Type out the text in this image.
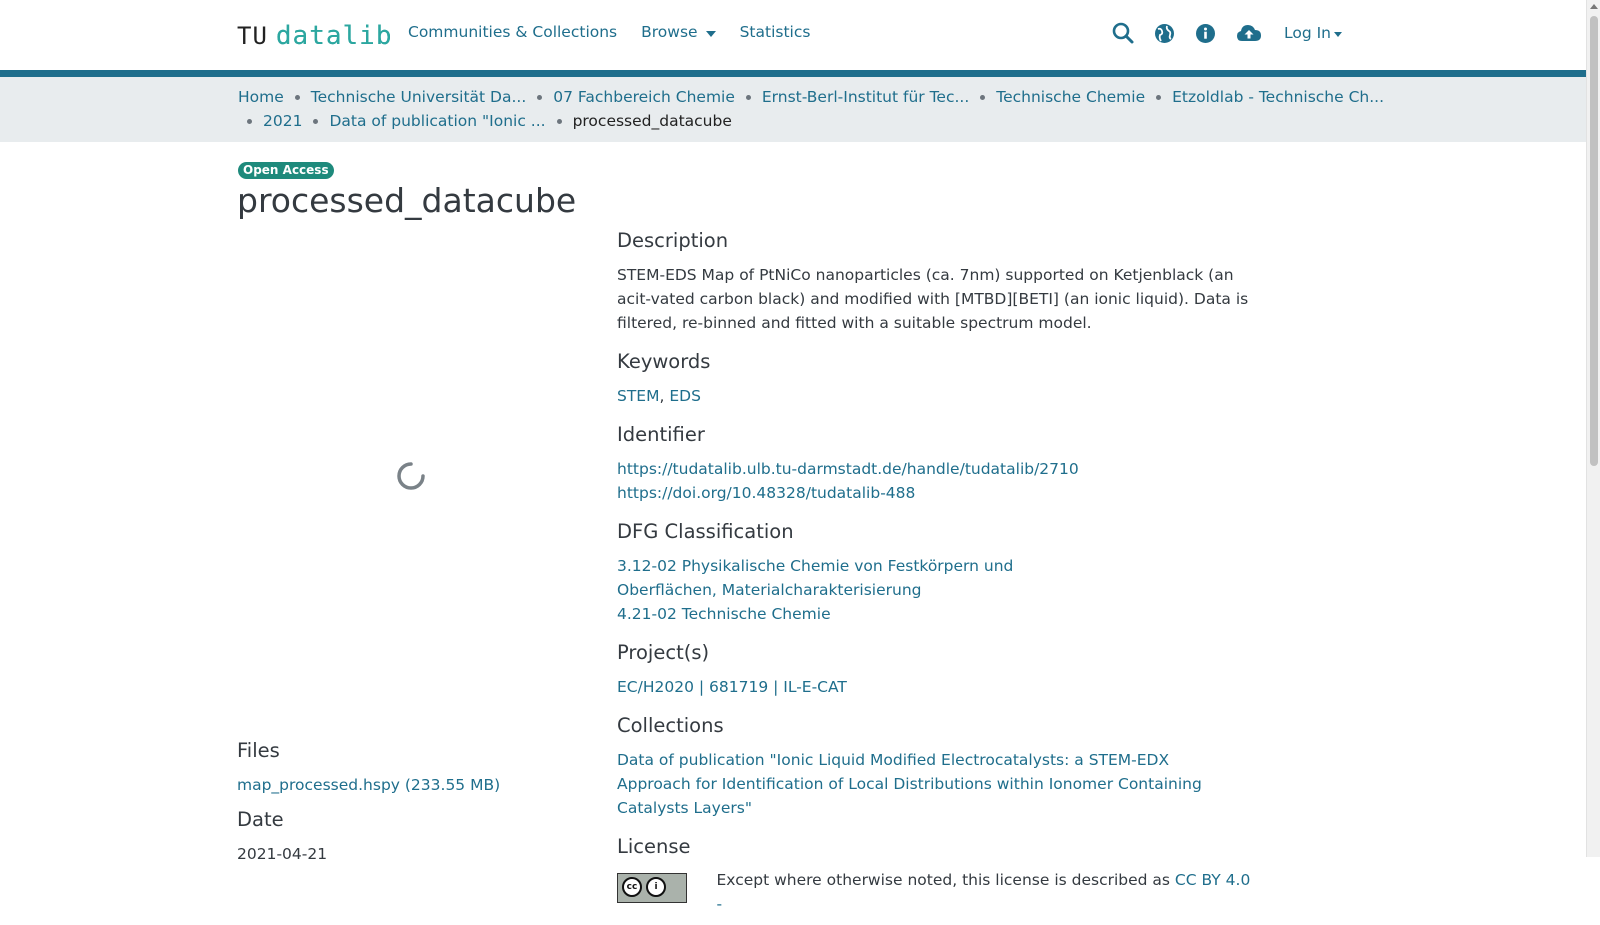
TU datalib Communities & Collections Browse	Statistics	Log In
Home Technische Universität Da... 07 Fachbereich Chemie Ernst-Berl-Institut für Tec... Technische Chemie Etzoldlab - Technische Ch...
2021 Data of publication "Ionic ... processed_datacube
Open Access
processed_datacube
Files
map_processed.hspy (233.55 MB)
Date
2021-04-21
Description
STEM-EDS Map of PtNiCo nanoparticles (ca. 7nm) supported on Ketjenblack (an acit-vated carbon black) and modified with [MTBD][BETI] (an ionic liquid). Data is filtered, re-binned and fitted with a suitable spectrum model.
Keywords
STEM, EDS
Identifier
https://tudatalib.ulb.tu-darmstadt.de/handle/tudatalib/2710
https://doi.org/10.48328/tudatalib-488
DFG Classification
3.12-02 Physikalische Chemie von Festkörpern und Oberflächen, Materialcharakterisierung
4.21-02 Technische Chemie
Project(s)
EC/H2020 | 681719 | IL-E-CAT
Collections
Data of publication "Ionic Liquid Modified Electrocatalysts: a STEM-EDX Approach for Identification of Local Distributions within Ionomer Containing Catalysts Layers"
License
cc	i	Except where otherwise noted, this license is described as CC BY 4.0 -
